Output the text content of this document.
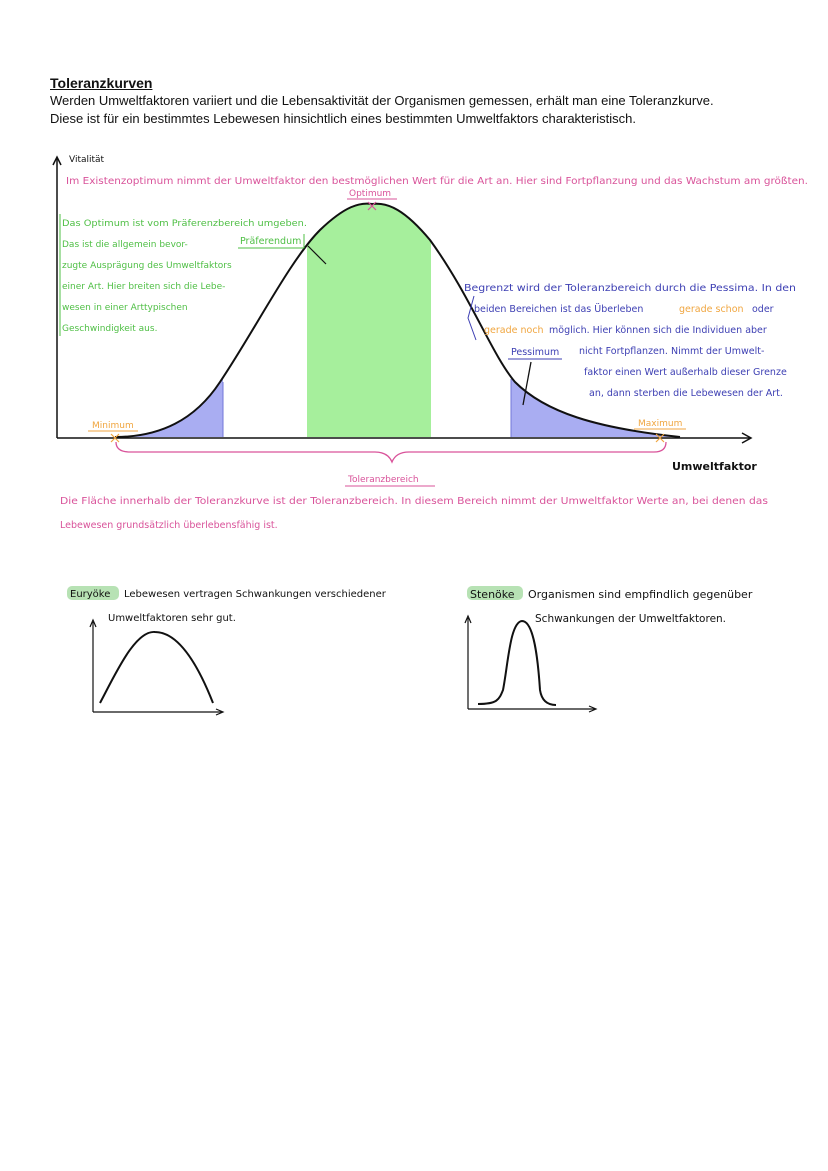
Toleranzkurven
Werden Umweltfaktoren variiert und die Lebensaktivität der Organismen gemessen, erhält man eine Toleranzkurve.
Diese ist für ein bestimmtes Lebewesen hinsichtlich eines bestimmten Umweltfaktors charakteristisch.
Vitalität
Umweltfaktor
Im Existenzoptimum nimmt der Umweltfaktor den bestmöglichen Wert für die Art an. Hier sind Fortpflanzung und das Wachstum am größten.
Optimum
Das Optimum ist vom Präferenzbereich umgeben.
Das ist die allgemein bevor-
zugte Ausprägung des Umweltfaktors
einer Art. Hier breiten sich die Lebe-
wesen in einer Arttypischen
Geschwindigkeit aus.
Präferendum
Begrenzt wird der Toleranzbereich durch die Pessima. In den
beiden Bereichen ist das Überleben	gerade schon oder
gerade noch möglich. Hier können sich die Individuen aber
nicht Fortpflanzen. Nimmt der Umwelt-
faktor einen Wert außerhalb dieser Grenze
an, dann sterben die Lebewesen der Art.
Pessimum
Minimum	Maximum
Toleranzbereich
Die Fläche innerhalb der Toleranzkurve ist der Toleranzbereich. In diesem Bereich nimmt der Umweltfaktor Werte an, bei denen das
Lebewesen grundsätzlich überlebensfähig ist.
Euryöke Lebewesen vertragen Schwankungen verschiedener
Umweltfaktoren sehr gut.
Stenöke Organismen sind empfindlich gegenüber
Schwankungen der Umweltfaktoren.
